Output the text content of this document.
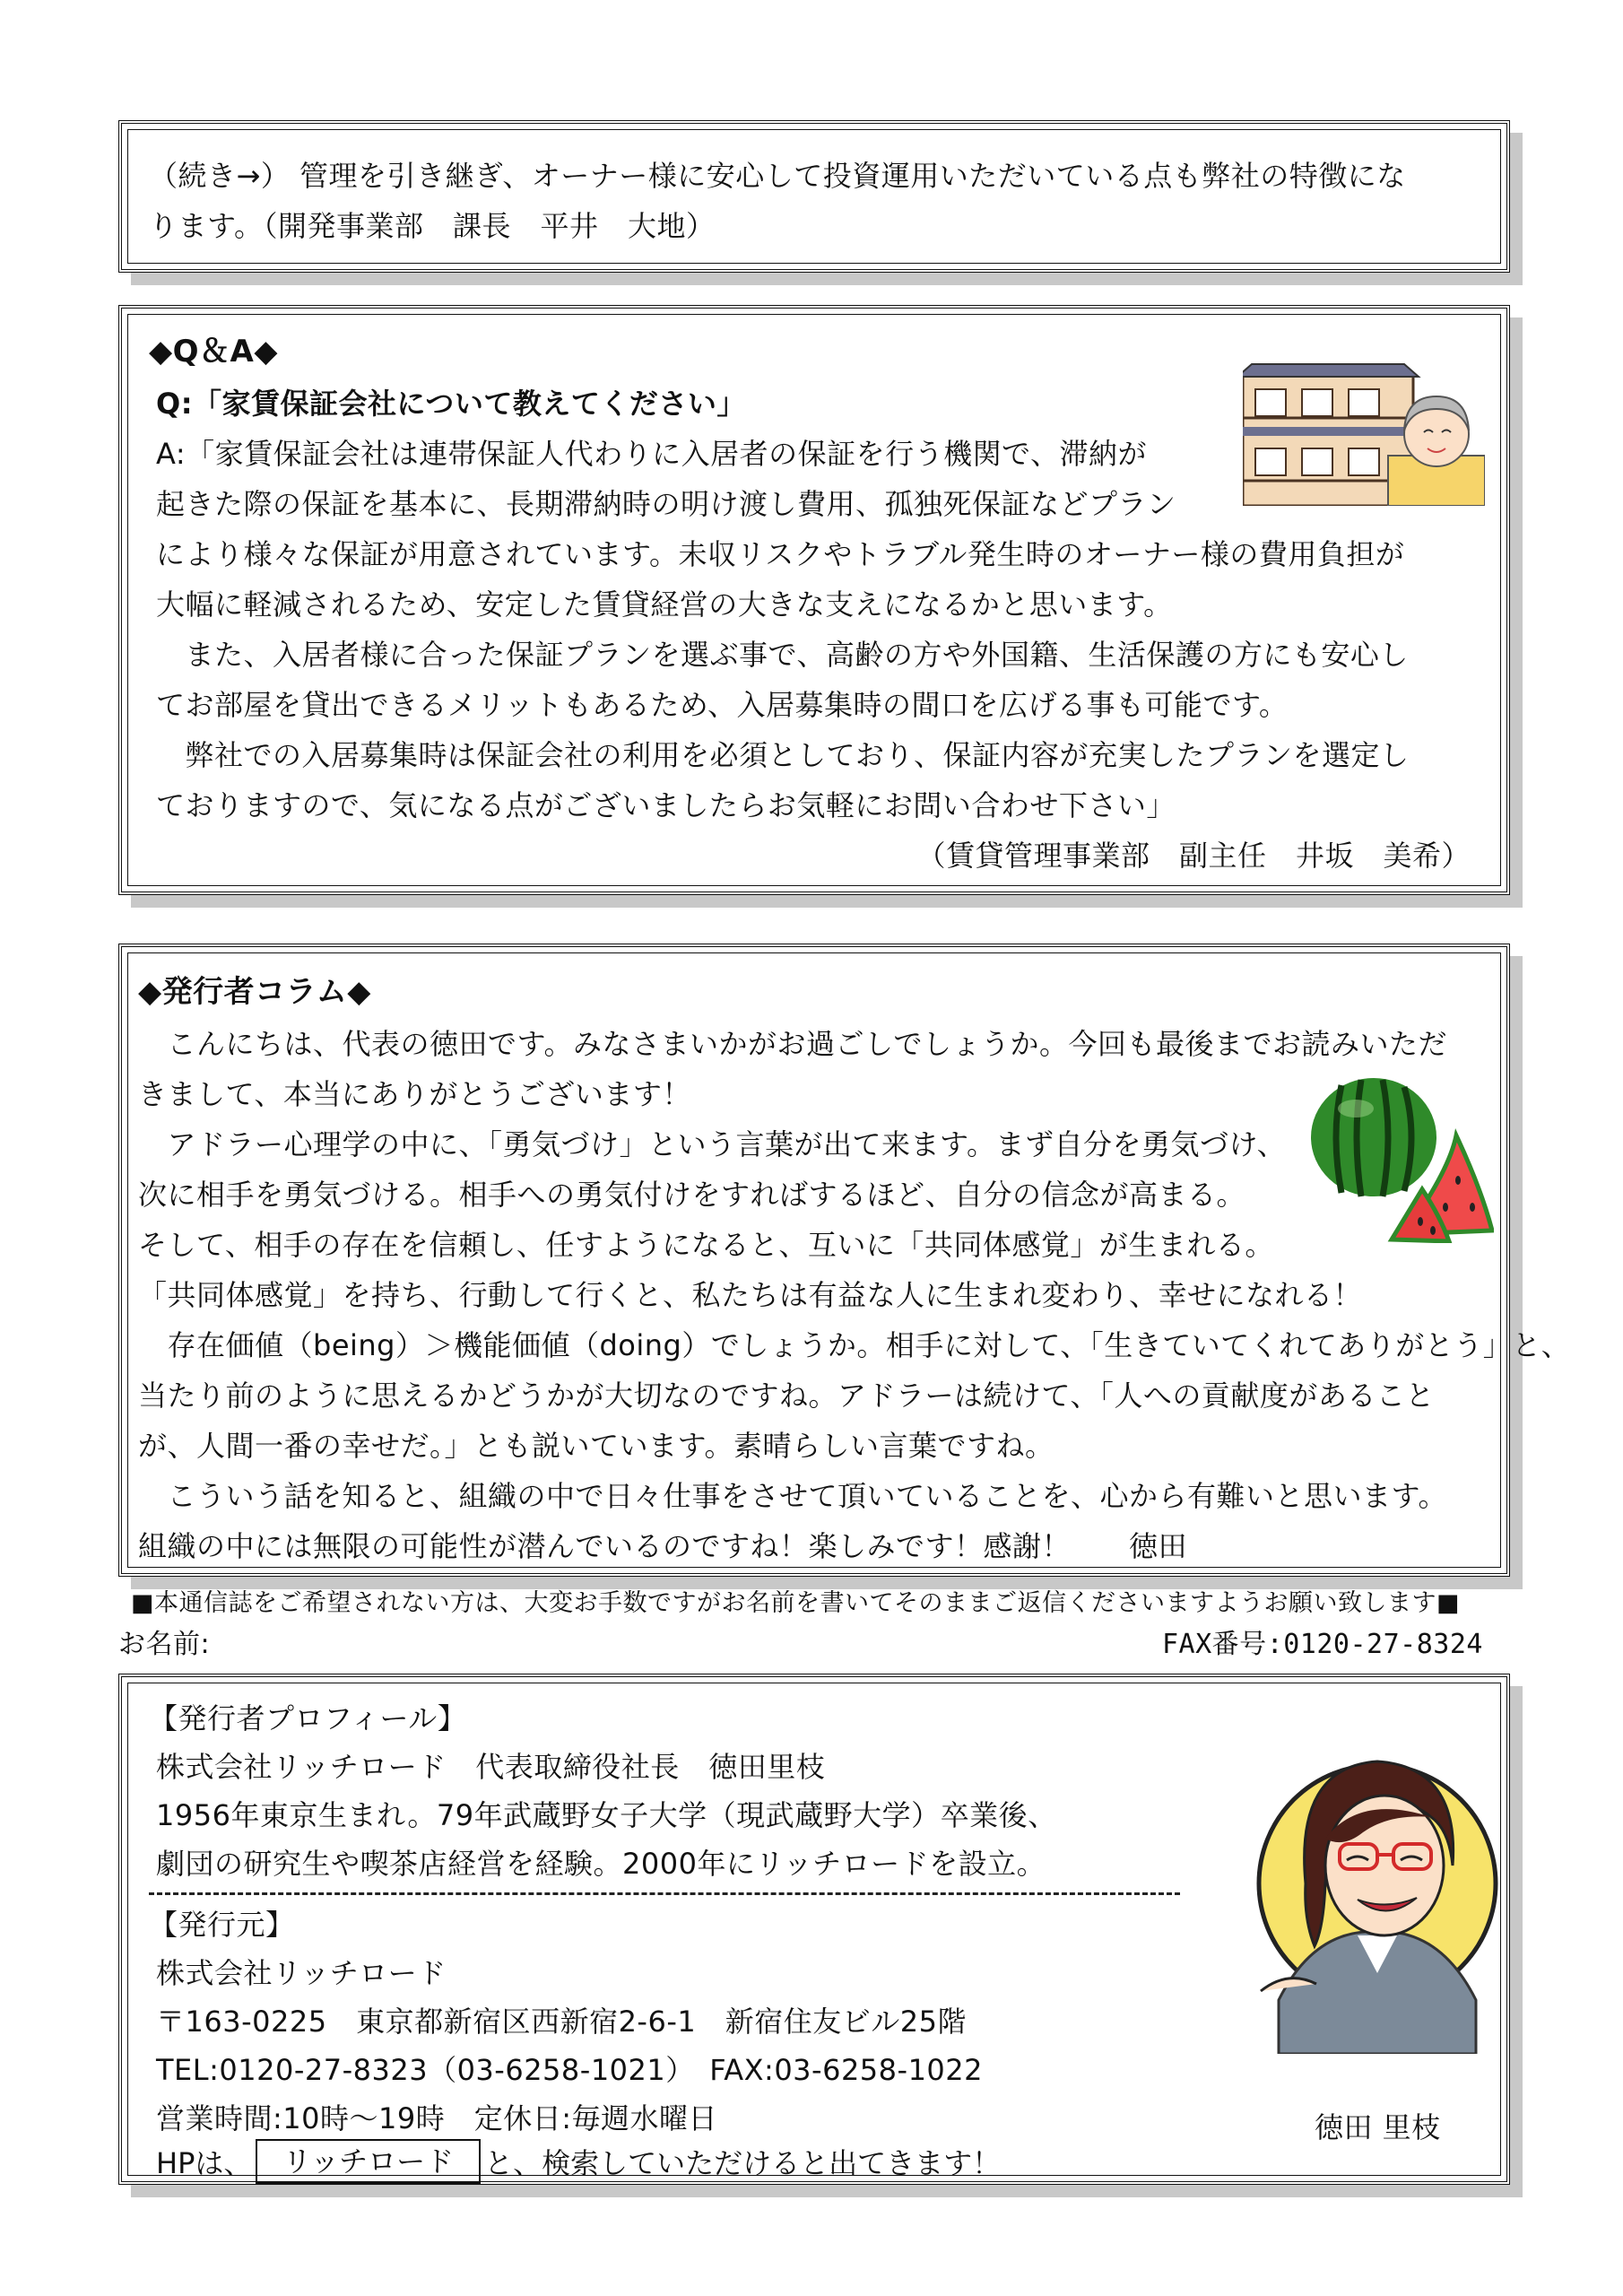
（続き→） 管理を引き継ぎ、オーナー様に安心して投資運用いただいている点も弊社の特徴にな
ります。（開発事業部　課長　平井　大地）
◆Q＆A◆
Q:「家賃保証会社について教えてください」
A:「家賃保証会社は連帯保証人代わりに入居者の保証を行う機関で、滞納が
起きた際の保証を基本に、長期滞納時の明け渡し費用、孤独死保証などプラン
により様々な保証が用意されています。未収リスクやトラブル発生時のオーナー様の費用負担が
大幅に軽減されるため、安定した賃貸経営の大きな支えになるかと思います。
　また、入居者様に合った保証プランを選ぶ事で、高齢の方や外国籍、生活保護の方にも安心し
てお部屋を貸出できるメリットもあるため、入居募集時の間口を広げる事も可能です。
　弊社での入居募集時は保証会社の利用を必須としており、保証内容が充実したプランを選定し
ておりますので、気になる点がございましたらお気軽にお問い合わせ下さい」
（賃貸管理事業部　副主任　井坂　美希）
◆発行者コラム◆
　こんにちは、代表の徳田です。みなさまいかがお過ごしでしょうか。今回も最後までお読みいただ
きまして、本当にありがとうございます！
　アドラー心理学の中に、「勇気づけ」という言葉が出て来ます。まず自分を勇気づけ、
次に相手を勇気づける。相手への勇気付けをすればするほど、自分の信念が高まる。
そして、相手の存在を信頼し、任すようになると、互いに「共同体感覚」が生まれる。
「共同体感覚」を持ち、行動して行くと、私たちは有益な人に生まれ変わり、幸せになれる！
　存在価値（being）＞機能価値（doing）でしょうか。相手に対して、「生きていてくれてありがとう」と、
当たり前のように思えるかどうかが大切なのですね。アドラーは続けて、「人への貢献度があること
が、人間一番の幸せだ。」とも説いています。素晴らしい言葉ですね。
　こういう話を知ると、組織の中で日々仕事をさせて頂いていることを、心から有難いと思います。
組織の中には無限の可能性が潜んでいるのですね！楽しみです！感謝！　　徳田
■本通信誌をご希望されない方は、大変お手数ですがお名前を書いてそのままご返信くださいますようお願い致します■
お名前:	FAX番号:0120-27-8324
【発行者プロフィール】
株式会社リッチロード　代表取締役社長　徳田里枝
1956年東京生まれ。79年武蔵野女子大学（現武蔵野大学）卒業後、
劇団の研究生や喫茶店経営を経験。2000年にリッチロードを設立。
【発行元】
株式会社リッチロード
〒163-0225　東京都新宿区西新宿2-6-1　新宿住友ビル25階
TEL:0120-27-8323（03-6258-1021）　FAX:03-6258-1022
営業時間:10時〜19時　定休日:毎週水曜日
HPは、	リッチロード	と、検索していただけると出てきます！
徳田 里枝
